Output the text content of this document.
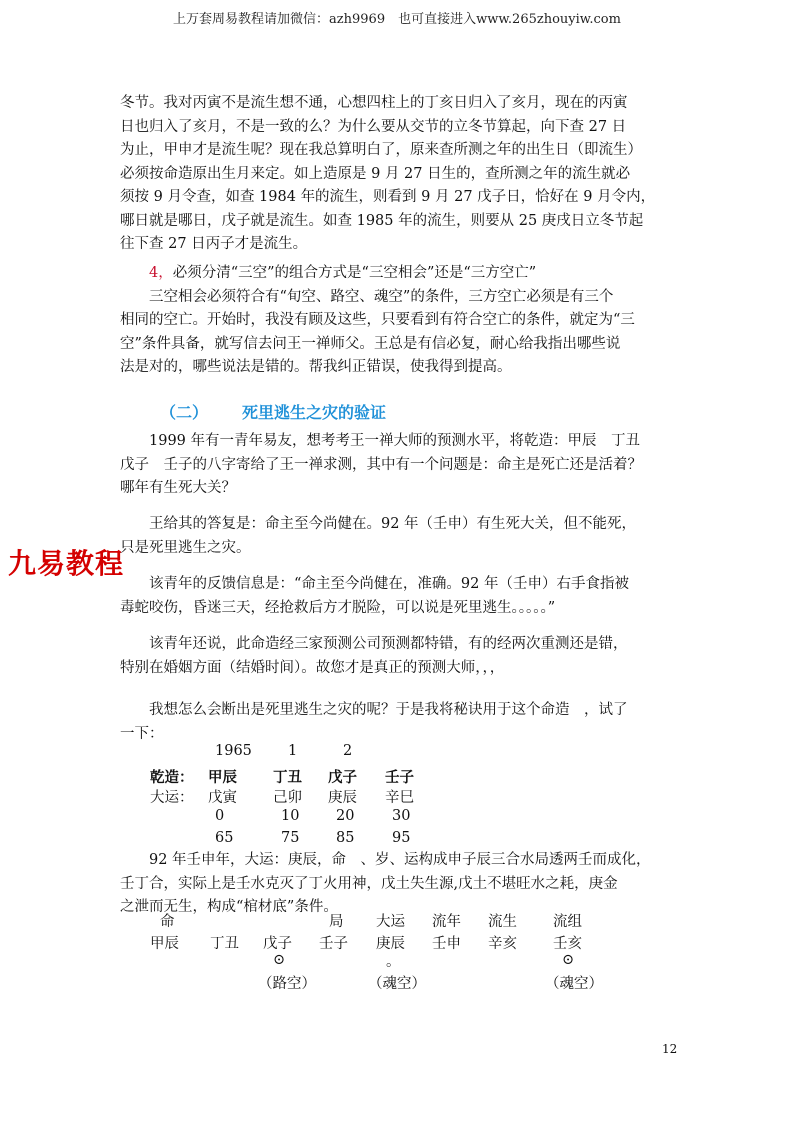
上万套周易教程请加微信：azh9969　也可直接进入www.265zhouyiw.com
冬节。我对丙寅不是流生想不通，心想四柱上的丁亥日归入了亥月，现在的丙寅
日也归入了亥月，不是一致的么？为什么要从交节的立冬节算起，向下查 27 日
为止，甲申才是流生呢？现在我总算明白了，原来查所测之年的出生日（即流生）
必须按命造原出生月来定。如上造原是 9 月 27 日生的，查所测之年的流生就必
须按 9 月令查，如查 1984 年的流生，则看到 9 月 27 戊子日，恰好在 9 月令内，
哪日就是哪日，戊子就是流生。如查 1985 年的流生，则要从 25 庚戌日立冬节起
往下查 27 日丙子才是流生。
4，必须分清“三空”的组合方式是“三空相会”还是“三方空亡”
三空相会必须符合有“旬空、路空、魂空”的条件，三方空亡必须是有三个
相同的空亡。开始时，我没有顾及这些，只要看到有符合空亡的条件，就定为“三
空”条件具备，就写信去问王一禅师父。王总是有信必复，耐心给我指出哪些说
法是对的，哪些说法是错的。帮我纠正错误，使我得到提高。
（二） 死里逃生之灾的验证
1999 年有一青年易友，想考考王一禅大师的预测水平，将乾造：甲辰　丁丑
戊子　壬子的八字寄给了王一禅求测，其中有一个问题是：命主是死亡还是活着？
哪年有生死大关？
王给其的答复是：命主至今尚健在。92 年（壬申）有生死大关，但不能死，
只是死里逃生之灾。
九易教程
该青年的反馈信息是：“命主至今尚健在，准确。92 年（壬申）右手食指被
毒蛇咬伤，昏迷三天，经抢救后方才脱险，可以说是死里逃生。。。。。”
该青年还说，此命造经三家预测公司预测都特错，有的经两次重测还是错，
特别在婚姻方面（结婚时间）。故您才是真正的预测大师，，，
我想怎么会断出是死里逃生之灾的呢？于是我将秘诀用于这个命造　，试了
一下：
1965 1	2
乾造： 甲辰 丁丑 戊子 壬子
大运： 戊寅 己卯 庚辰 辛巳
0	10	20	30
65	75	85	95
92 年壬申年，大运：庚辰，命　、岁、运构成申子辰三合水局透两壬而成化，
壬丁合，实际上是壬水克灭了丁火用神，戊土失生源,戊土不堪旺水之耗，庚金
之泄而无生，构成“棺材底”条件。
命	局 大运 流年 流生 流组
甲辰 丁丑 戊子 壬子 庚辰 壬申 辛亥 壬亥
⊙	。	⊙
（路空）	（魂空）	（魂空）
12
